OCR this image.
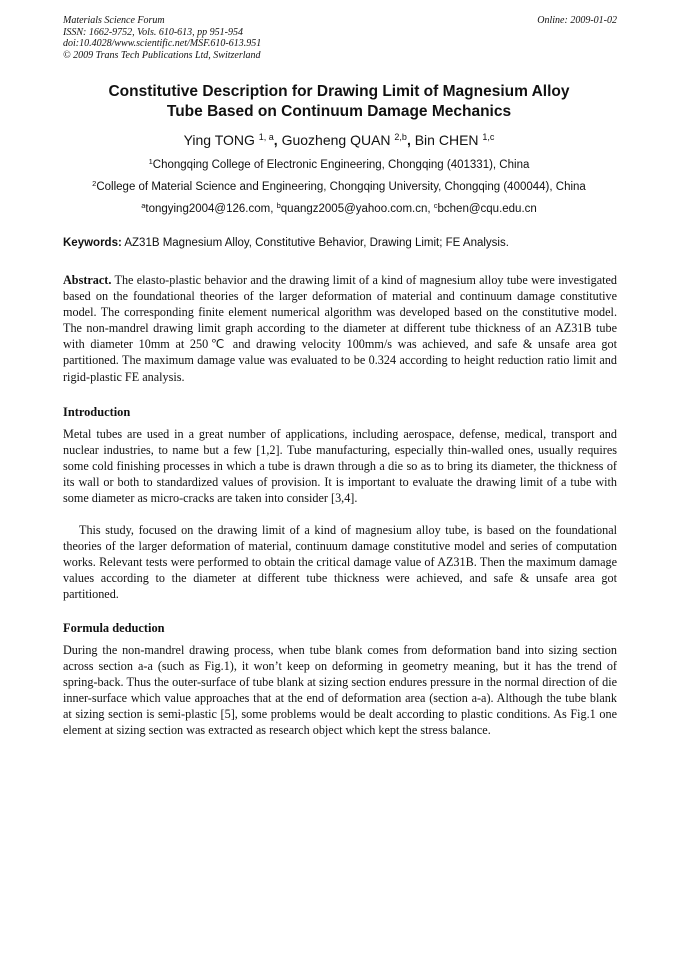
Materials Science Forum
ISSN: 1662-9752, Vols. 610-613, pp 951-954
doi:10.4028/www.scientific.net/MSF.610-613.951
© 2009 Trans Tech Publications Ltd, Switzerland
Online: 2009-01-02
Constitutive Description for Drawing Limit of Magnesium Alloy
Tube Based on Continuum Damage Mechanics
Ying TONG $^{1, a}$, Guozheng QUAN $^{2,b}$, Bin CHEN $^{1,c}$
$^1$Chongqing College of Electronic Engineering, Chongqing (401331), China
$^2$College of Material Science and Engineering, Chongqing University, Chongqing (400044), China
$^a$tongying2004@126.com, $^b$quangz2005@yahoo.com.cn, $^c$bchen@cqu.edu.cn
Keywords: AZ31B Magnesium Alloy, Constitutive Behavior, Drawing Limit; FE Analysis.
Abstract. The elasto-plastic behavior and the drawing limit of a kind of magnesium alloy tube were investigated based on the foundational theories of the larger deformation of material and continuum damage constitutive model. The corresponding finite element numerical algorithm was developed based on the constitutive model. The non-mandrel drawing limit graph according to the diameter at different tube thickness of an AZ31B tube with diameter 10mm at 250℃ and drawing velocity 100mm/s was achieved, and safe & unsafe area got partitioned. The maximum damage value was evaluated to be 0.324 according to height reduction ratio limit and rigid-plastic FE analysis.
Introduction
Metal tubes are used in a great number of applications, including aerospace, defense, medical, transport and nuclear industries, to name but a few [1,2]. Tube manufacturing, especially thin-walled ones, usually requires some cold finishing processes in which a tube is drawn through a die so as to bring its diameter, the thickness of its wall or both to standardized values of provision. It is important to evaluate the drawing limit of a tube with some diameter as micro-cracks are taken into consider [3,4].
This study, focused on the drawing limit of a kind of magnesium alloy tube, is based on the foundational theories of the larger deformation of material, continuum damage constitutive model and series of computation works. Relevant tests were performed to obtain the critical damage value of AZ31B. Then the maximum damage values according to the diameter at different tube thickness were achieved, and safe & unsafe area got partitioned.
Formula deduction
During the non-mandrel drawing process, when tube blank comes from deformation band into sizing section across section a-a (such as Fig.1), it won’t keep on deforming in geometry meaning, but it has the trend of spring-back. Thus the outer-surface of tube blank at sizing section endures pressure in the normal direction of die inner-surface which value approaches that at the end of deformation area (section a-a). Although the tube blank at sizing section is semi-plastic [5], some problems would be dealt according to plastic conditions. As Fig.1 one element at sizing section was extracted as research object which kept the stress balance.
